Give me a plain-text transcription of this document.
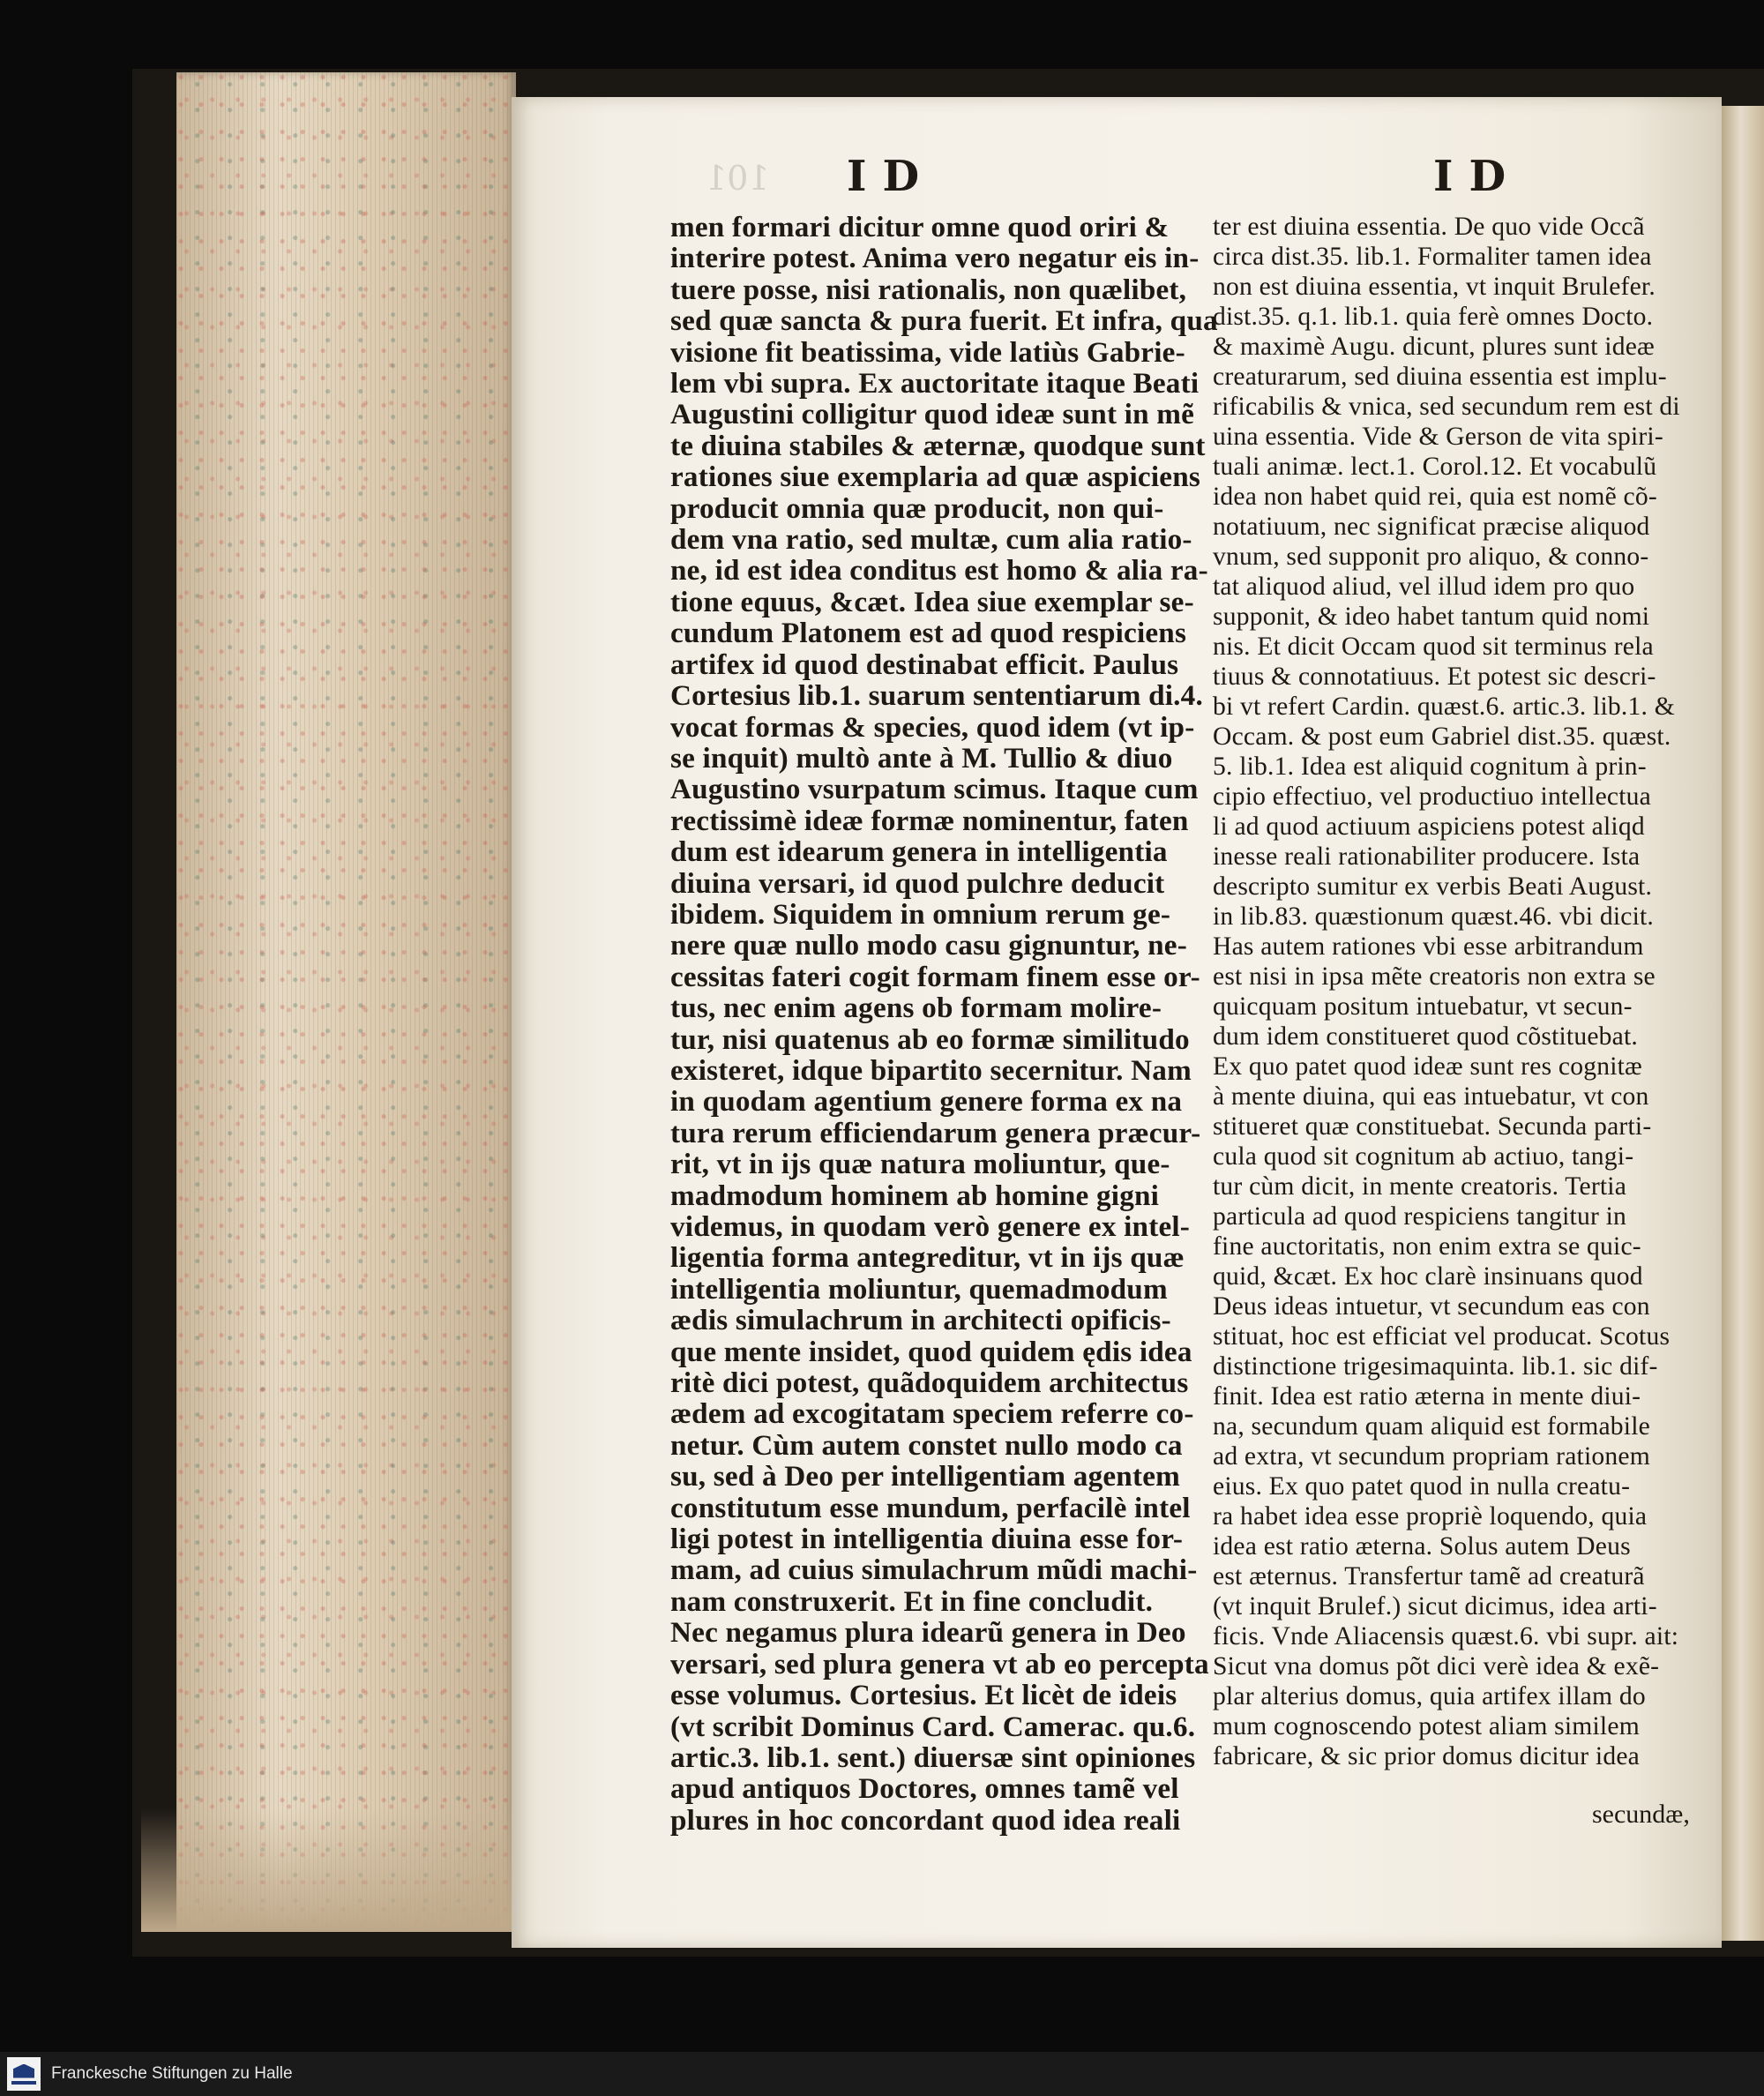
101 ID	ID
men formari dicitur omne quod oriri &
interire potest. Anima vero negatur eis in-
tuere posse, nisi rationalis, non quælibet,
sed quæ sancta & pura fuerit. Et infra, qua
visione fit beatissima, vide latiùs Gabrie-
lem vbi supra. Ex auctoritate itaque Beati
Augustini colligitur quod ideæ sunt in mẽ
te diuina stabiles & æternæ, quodque sunt
rationes siue exemplaria ad quæ aspiciens
producit omnia quæ producit, non qui-
dem vna ratio, sed multæ, cum alia ratio-
ne, id est idea conditus est homo & alia ra-
tione equus, &cæt. Idea siue exemplar se-
cundum Platonem est ad quod respiciens
artifex id quod destinabat efficit. Paulus
Cortesius lib.1. suarum sententiarum di.4.
vocat formas & species, quod idem (vt ip-
se inquit) multò ante à M. Tullio & diuo
Augustino vsurpatum scimus. Itaque cum
rectissimè ideæ formæ nominentur, faten
dum est idearum genera in intelligentia
diuina versari, id quod pulchre deducit
ibidem. Siquidem in omnium rerum ge-
nere quæ nullo modo casu gignuntur, ne-
cessitas fateri cogit formam finem esse or-
tus, nec enim agens ob formam molire-
tur, nisi quatenus ab eo formæ similitudo
existeret, idque bipartito secernitur. Nam
in quodam agentium genere forma ex na
tura rerum efficiendarum genera præcur-
rit, vt in ijs quæ natura moliuntur, que-
madmodum hominem ab homine gigni
videmus, in quodam verò genere ex intel-
ligentia forma antegreditur, vt in ijs quæ
intelligentia moliuntur, quemadmodum
ædis simulachrum in architecti opificis-
que mente insidet, quod quidem ędis idea
ritè dici potest, quãdoquidem architectus
ædem ad excogitatam speciem referre co-
netur. Cùm autem constet nullo modo ca
su, sed à Deo per intelligentiam agentem
constitutum esse mundum, perfacilè intel
ligi potest in intelligentia diuina esse for-
mam, ad cuius simulachrum mũdi machi-
nam construxerit. Et in fine concludit.
Nec negamus plura idearũ genera in Deo
versari, sed plura genera vt ab eo percepta
esse volumus. Cortesius. Et licèt de ideis
(vt scribit Dominus Card. Camerac. qu.6.
artic.3. lib.1. sent.) diuersæ sint opiniones
apud antiquos Doctores, omnes tamẽ vel
plures in hoc concordant quod idea reali
ter est diuina essentia. De quo vide Occã
circa dist.35. lib.1. Formaliter tamen idea
non est diuina essentia, vt inquit Brulefer.
dist.35. q.1. lib.1. quia ferè omnes Docto.
& maximè Augu. dicunt, plures sunt ideæ
creaturarum, sed diuina essentia est implu-
rificabilis & vnica, sed secundum rem est di
uina essentia. Vide & Gerson de vita spiri-
tuali animæ. lect.1. Corol.12. Et vocabulũ
idea non habet quid rei, quia est nomẽ cõ-
notatiuum, nec significat præcise aliquod
vnum, sed supponit pro aliquo, & conno-
tat aliquod aliud, vel illud idem pro quo
supponit, & ideo habet tantum quid nomi
nis. Et dicit Occam quod sit terminus rela
tiuus & connotatiuus. Et potest sic descri-
bi vt refert Cardin. quæst.6. artic.3. lib.1. &
Occam. & post eum Gabriel dist.35. quæst.
5. lib.1. Idea est aliquid cognitum à prin-
cipio effectiuo, vel productiuo intellectua
li ad quod actiuum aspiciens potest aliqd
inesse reali rationabiliter producere. Ista
descripto sumitur ex verbis Beati August.
in lib.83. quæstionum quæst.46. vbi dicit.
Has autem rationes vbi esse arbitrandum
est nisi in ipsa mẽte creatoris non extra se
quicquam positum intuebatur, vt secun-
dum idem constitueret quod cõstituebat.
Ex quo patet quod ideæ sunt res cognitæ
à mente diuina, qui eas intuebatur, vt con
stitueret quæ constituebat. Secunda parti-
cula quod sit cognitum ab actiuo, tangi-
tur cùm dicit, in mente creatoris. Tertia
particula ad quod respiciens tangitur in
fine auctoritatis, non enim extra se quic-
quid, &cæt. Ex hoc clarè insinuans quod
Deus ideas intuetur, vt secundum eas con
stituat, hoc est efficiat vel producat. Scotus
distinctione trigesimaquinta. lib.1. sic dif-
finit. Idea est ratio æterna in mente diui-
na, secundum quam aliquid est formabile
ad extra, vt secundum propriam rationem
eius. Ex quo patet quod in nulla creatu-
ra habet idea esse propriè loquendo, quia
idea est ratio æterna. Solus autem Deus
est æternus. Transfertur tamẽ ad creaturã
(vt inquit Brulef.) sicut dicimus, idea arti-
ficis. Vnde Aliacensis quæst.6. vbi supr. ait:
Sicut vna domus põt dici verè idea & exẽ-
plar alterius domus, quia artifex illam do
mum cognoscendo potest aliam similem
fabricare, & sic prior domus dicitur idea
secundæ,
Franckesche Stiftungen zu Halle
